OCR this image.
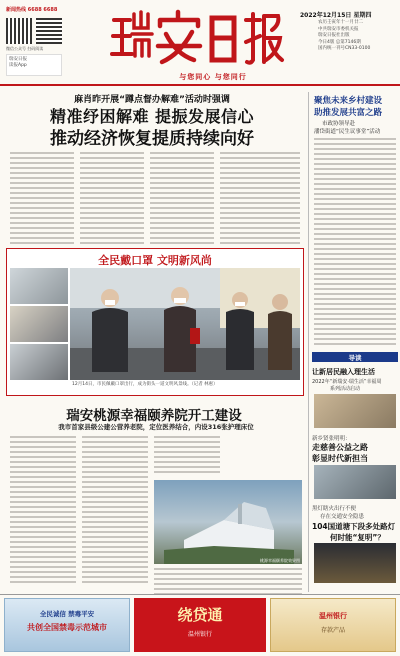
新闻热线 6688 6688
微信公众号 扫码阅读
瑞安日报
读报App
与您同心 与您同行
2022年12月15日 星期四
农历壬寅年十一月廿二
中共瑞安市委机关报
瑞安日报社出版
今日4版 总第7146期
国内统一刊号CN33-0100
麻肖昨开展“蹲点督办解难”活动时强调
精准纾困解难 提振发展信心
推动经济恢复提质持续向好
全民戴口罩 文明新风尚
12月14日，市民佩戴口罩出行，成为街头一道文明风景线。（记者 林惠）
瑞安桃源幸福颐养院开工建设
我市首家县级公建公营养老院，定位医养结合，内设316张护理床位
桃源幸福颐养院效果图
聚焦未来乡村建设
助推发展共富之路
市政协领导赴
潘岱街道“民生议事堂”活动
导读
让新居民融入理生活
2022年“新瑞安·瑞生活”幸福周
系列活动启动
新乡贤张明明：
走慈善公益之路
彰显时代新担当
黑灯瞎火出行不便
存在交通安全隐患
104国道塘下段多处路灯
何时能“复明”？
全民诚信 禁毒平安
共创全国禁毒示范城市
绕贷通
温州银行
温州银行
存款产品
